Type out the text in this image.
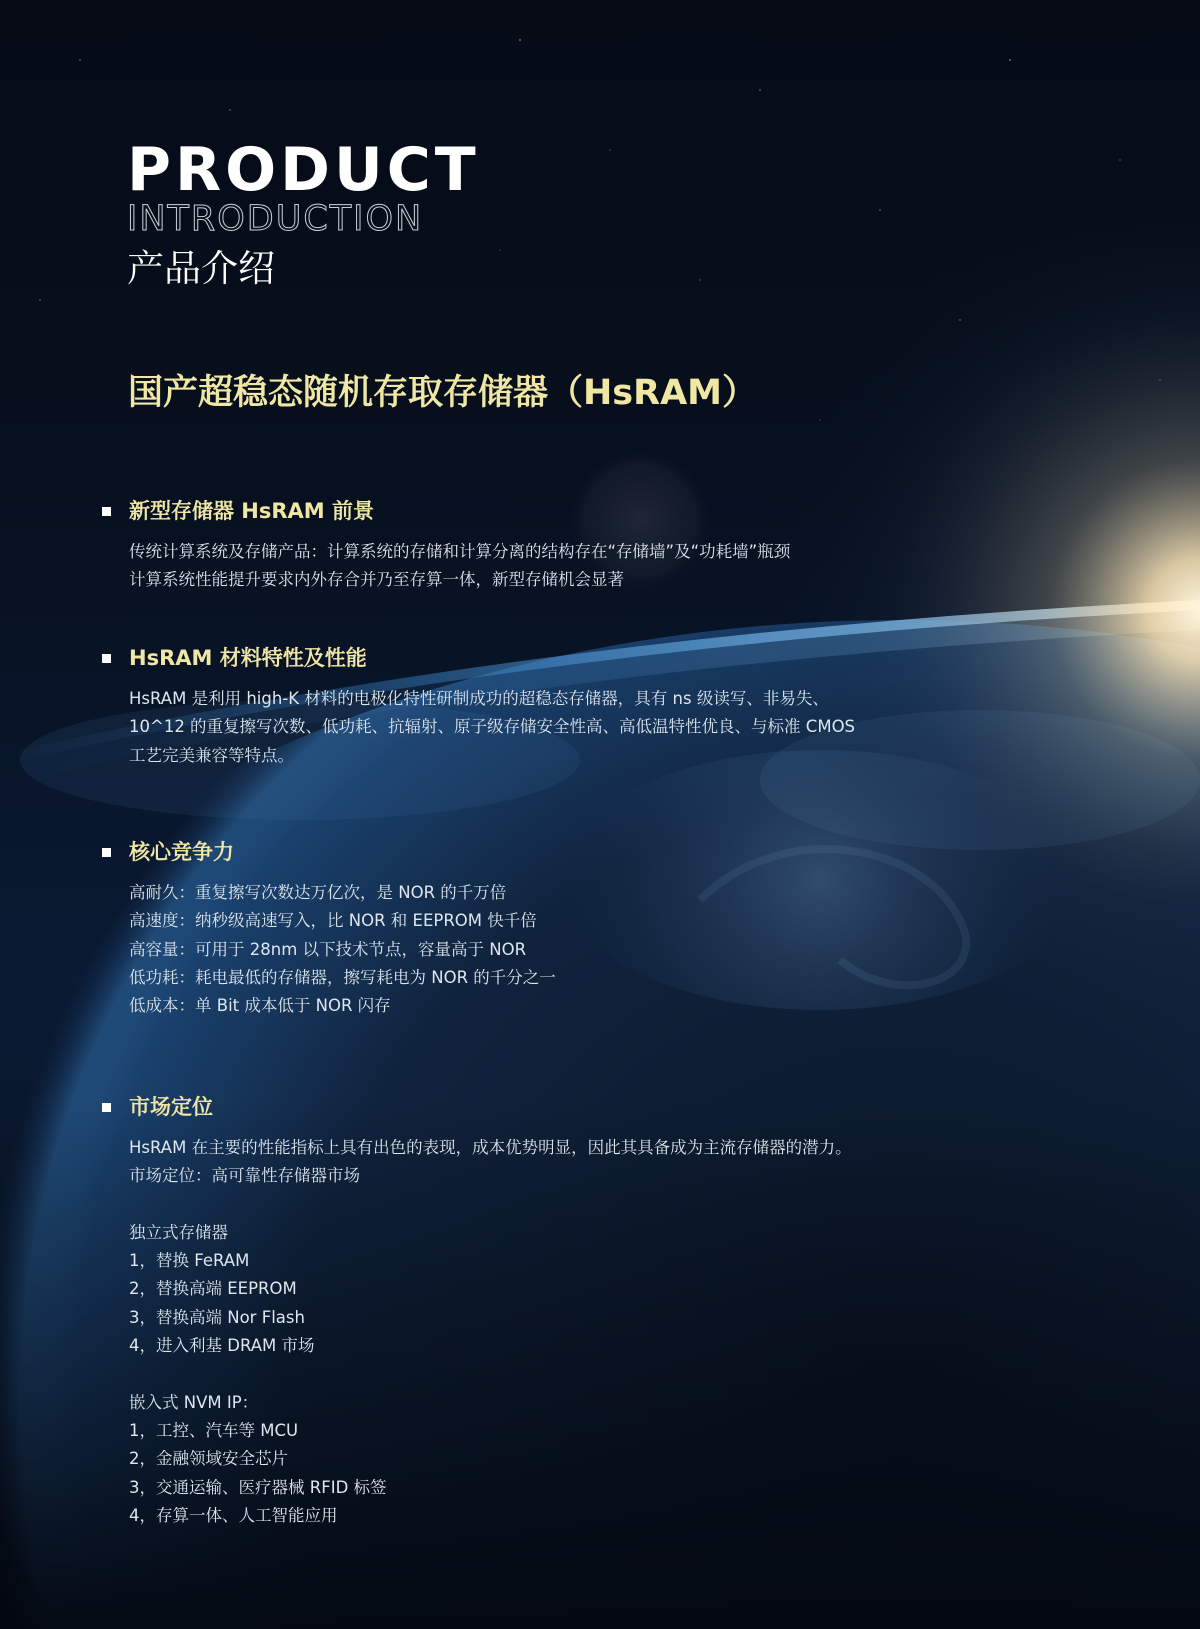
PRODUCT
INTRODUCTION
产品介绍
国产超稳态随机存取存储器（HsRAM）
新型存储器 HsRAM 前景
传统计算系统及存储产品：计算系统的存储和计算分离的结构存在“存储墙”及“功耗墙”瓶颈
计算系统性能提升要求内外存合并乃至存算一体，新型存储机会显著
HsRAM 材料特性及性能
HsRAM 是利用 high-K 材料的电极化特性研制成功的超稳态存储器，具有 ns 级读写、非易失、
10^12 的重复擦写次数、低功耗、抗辐射、原子级存储安全性高、高低温特性优良、与标准 CMOS
工艺完美兼容等特点。
核心竞争力
高耐久：重复擦写次数达万亿次，是 NOR 的千万倍
高速度：纳秒级高速写入，比 NOR 和 EEPROM 快千倍
高容量：可用于 28nm 以下技术节点，容量高于 NOR
低功耗：耗电最低的存储器，擦写耗电为 NOR 的千分之一
低成本：单 Bit 成本低于 NOR 闪存
市场定位
HsRAM 在主要的性能指标上具有出色的表现，成本优势明显，因此其具备成为主流存储器的潜力。
市场定位：高可靠性存储器市场
独立式存储器
1，替换 FeRAM
2，替换高端 EEPROM
3，替换高端 Nor Flash
4，进入利基 DRAM 市场
嵌入式 NVM IP：
1，工控、汽车等 MCU
2，金融领域安全芯片
3，交通运输、医疗器械 RFID 标签
4，存算一体、人工智能应用
